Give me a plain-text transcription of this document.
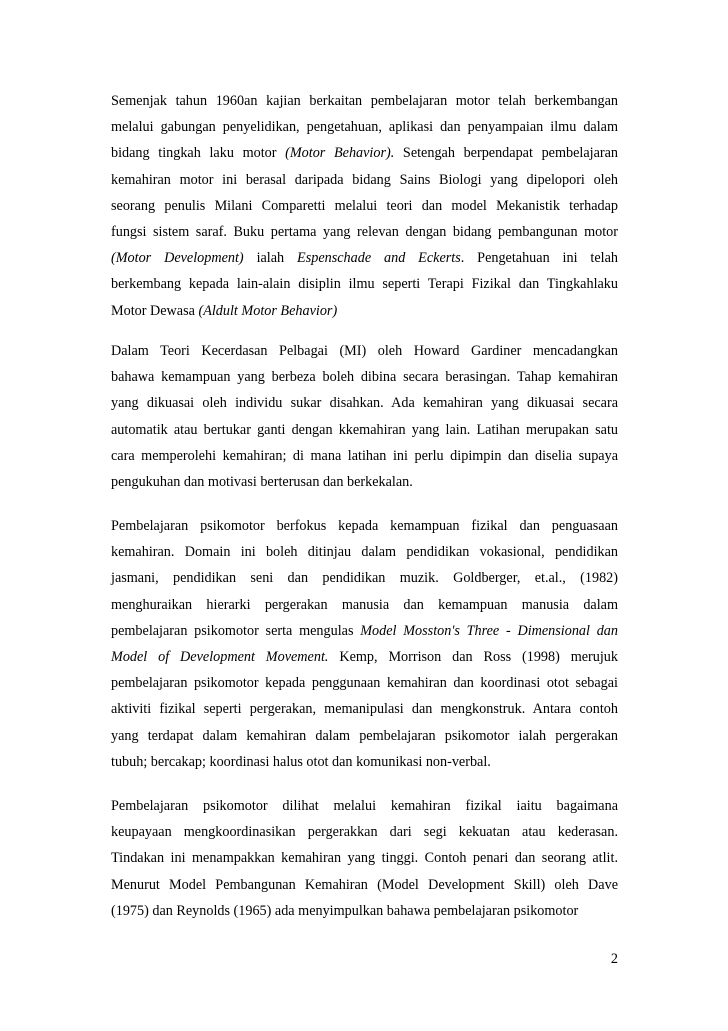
Semenjak tahun 1960an kajian berkaitan pembelajaran motor telah berkembangan
melalui gabungan penyelidikan, pengetahuan, aplikasi dan penyampaian ilmu dalam
bidang tingkah laku motor (Motor Behavior). Setengah berpendapat pembelajaran
kemahiran motor ini berasal daripada bidang Sains Biologi yang dipelopori oleh
seorang penulis Milani Comparetti melalui teori dan model Mekanistik terhadap
fungsi sistem saraf. Buku pertama yang relevan dengan bidang pembangunan motor
(Motor Development) ialah Espenschade and Eckerts. Pengetahuan ini telah
berkembang kepada lain-alain disiplin ilmu seperti Terapi Fizikal dan Tingkahlaku
Motor Dewasa (Aldult Motor Behavior)
Dalam Teori Kecerdasan Pelbagai (MI) oleh Howard Gardiner mencadangkan
bahawa kemampuan yang berbeza boleh dibina secara berasingan. Tahap kemahiran
yang dikuasai oleh individu sukar disahkan. Ada kemahiran yang dikuasai secara
automatik atau bertukar ganti dengan kkemahiran yang lain. Latihan merupakan satu
cara memperolehi kemahiran; di mana latihan ini perlu dipimpin dan diselia supaya
pengukuhan dan motivasi berterusan dan berkekalan.
Pembelajaran psikomotor berfokus kepada kemampuan fizikal dan penguasaan
kemahiran. Domain ini boleh ditinjau dalam pendidikan vokasional, pendidikan
jasmani, pendidikan seni dan pendidikan muzik. Goldberger, et.al., (1982)
menghuraikan hierarki pergerakan manusia dan kemampuan manusia dalam
pembelajaran psikomotor serta mengulas Model Mosston's Three - Dimensional dan
Model of Development Movement. Kemp, Morrison dan Ross (1998) merujuk
pembelajaran psikomotor kepada penggunaan kemahiran dan koordinasi otot sebagai
aktiviti fizikal seperti pergerakan, memanipulasi dan mengkonstruk. Antara contoh
yang terdapat dalam kemahiran dalam pembelajaran psikomotor ialah pergerakan
tubuh; bercakap; koordinasi halus otot dan komunikasi non-verbal.
Pembelajaran psikomotor dilihat melalui kemahiran fizikal iaitu bagaimana
keupayaan mengkoordinasikan pergerakkan dari segi kekuatan atau kederasan.
Tindakan ini menampakkan kemahiran yang tinggi. Contoh penari dan seorang atlit.
Menurut Model Pembangunan Kemahiran (Model Development Skill) oleh Dave
(1975) dan Reynolds (1965) ada menyimpulkan bahawa pembelajaran psikomotor
2
